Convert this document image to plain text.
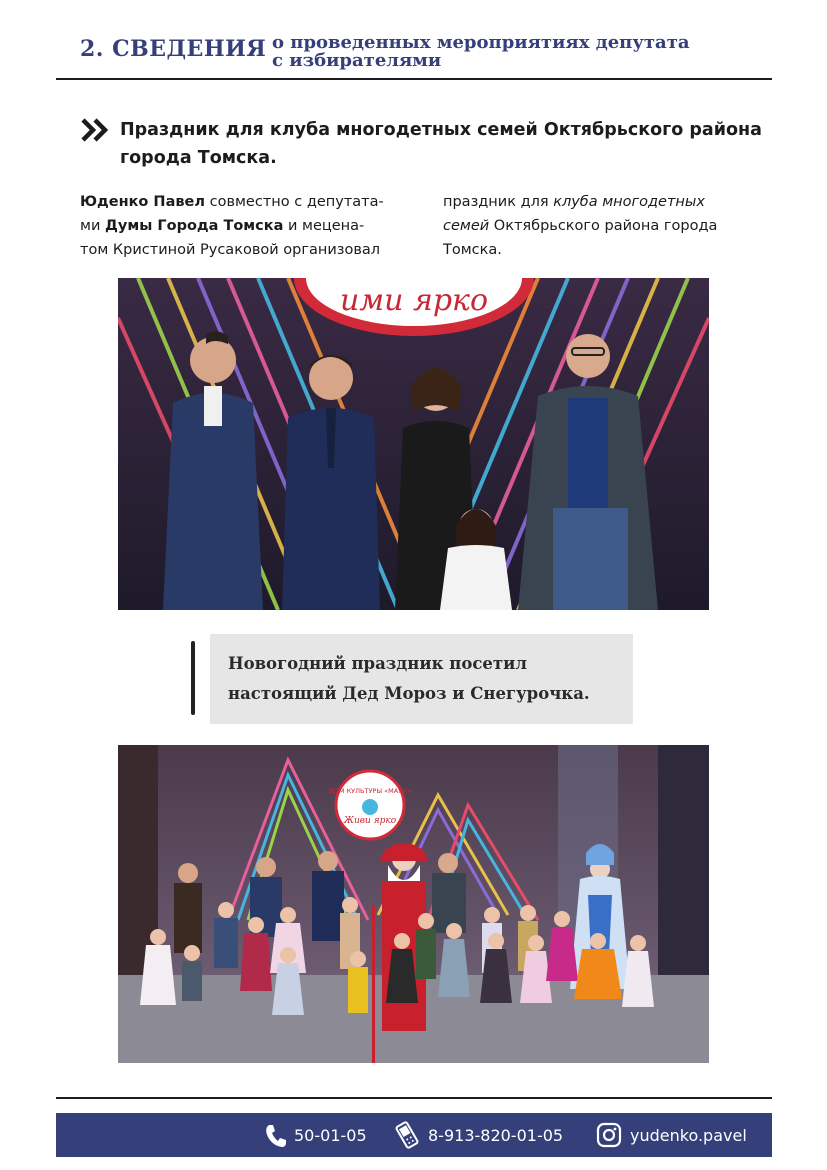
2. СВЕДЕНИЯ о проведенных мероприятиях депутата
с избирателями
Праздник для клуба многодетных семей Октябрьского района
города Томска.
Юденко Павел совместно с депутата-
ми Думы Города Томска и мецена-
том Кристиной Русаковой организовал
праздник для клуба многодетных
семей Октябрьского района города
Томска.
ими ярко
Новогодний праздник посетил
настоящий Дед Мороз и Снегурочка.
ДОМ КУЛЬТУРЫ «МАЯК»
Живи ярко
50-01-05	8-913-820-01-05	yudenko.pavel
